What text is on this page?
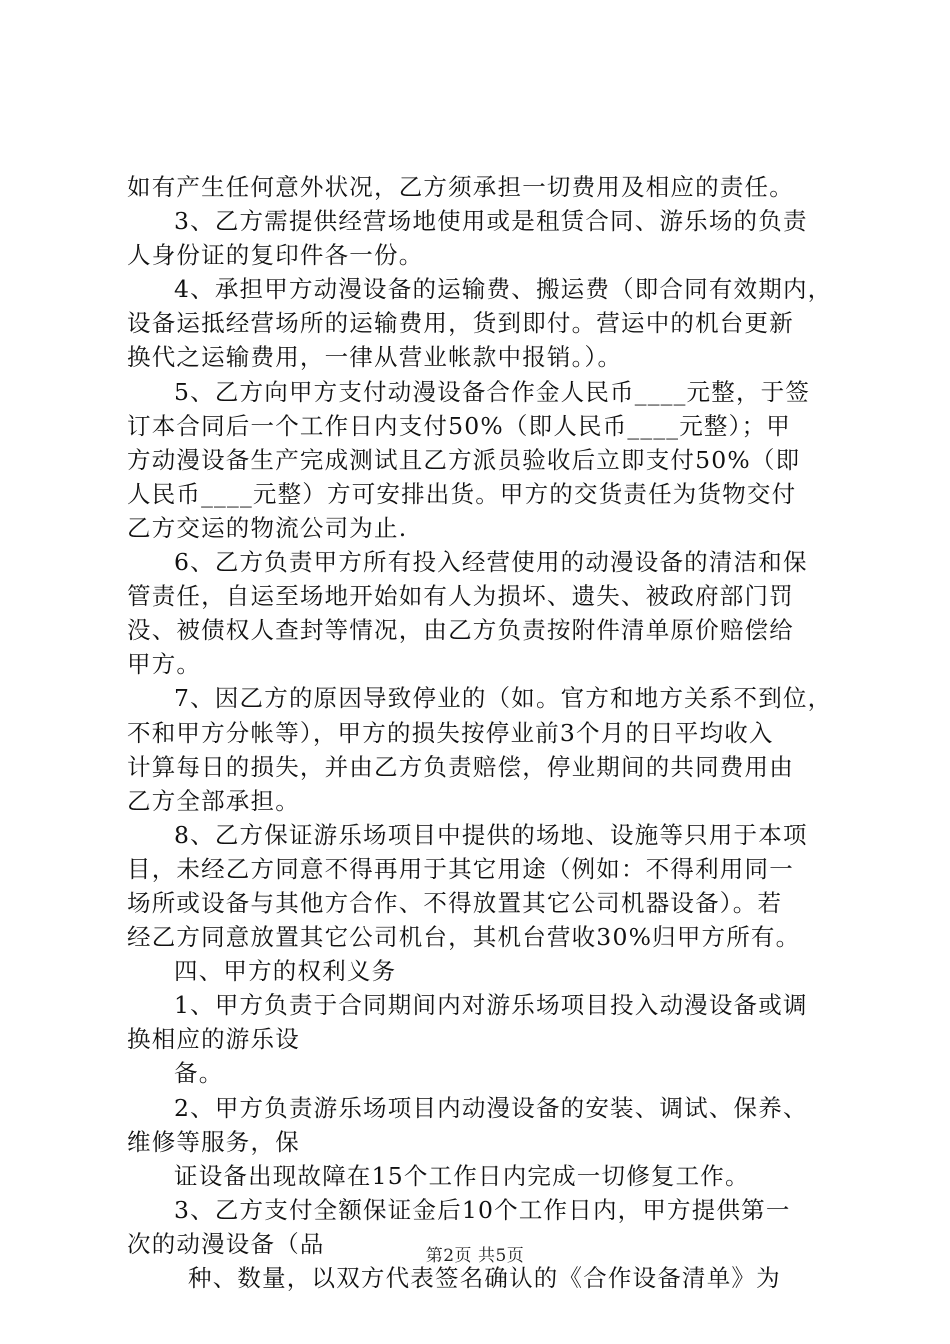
如有产生任何意外状况，乙方须承担一切费用及相应的责任。
3、乙方需提供经营场地使用或是租赁合同、游乐场的负责
人身份证的复印件各一份。
4、承担甲方动漫设备的运输费、搬运费（即合同有效期内，
设备运抵经营场所的运输费用，货到即付。营运中的机台更新
换代之运输费用，一律从营业帐款中报销。）。
5、乙方向甲方支付动漫设备合作金人民币____元整，于签
订本合同后一个工作日内支付50%（即人民币____元整）；甲
方动漫设备生产完成测试且乙方派员验收后立即支付50%（即
人民币____元整）方可安排出货。甲方的交货责任为货物交付
乙方交运的物流公司为止.
6、乙方负责甲方所有投入经营使用的动漫设备的清洁和保
管责任，自运至场地开始如有人为损坏、遗失、被政府部门罚
没、被债权人查封等情况，由乙方负责按附件清单原价赔偿给
甲方。
7、因乙方的原因导致停业的（如。官方和地方关系不到位，
不和甲方分帐等），甲方的损失按停业前3个月的日平均收入
计算每日的损失，并由乙方负责赔偿，停业期间的共同费用由
乙方全部承担。
8、乙方保证游乐场项目中提供的场地、设施等只用于本项
目，未经乙方同意不得再用于其它用途（例如：不得利用同一
场所或设备与其他方合作、不得放置其它公司机器设备）。若
经乙方同意放置其它公司机台，其机台营收30%归甲方所有。
四、甲方的权利义务
1、甲方负责于合同期间内对游乐场项目投入动漫设备或调
换相应的游乐设
备。
2、甲方负责游乐场项目内动漫设备的安装、调试、保养、
维修等服务，保
证设备出现故障在15个工作日内完成一切修复工作。
3、乙方支付全额保证金后10个工作日内，甲方提供第一
次的动漫设备（品
种、数量，以双方代表签名确认的《合作设备清单》为
第2页 共5页
